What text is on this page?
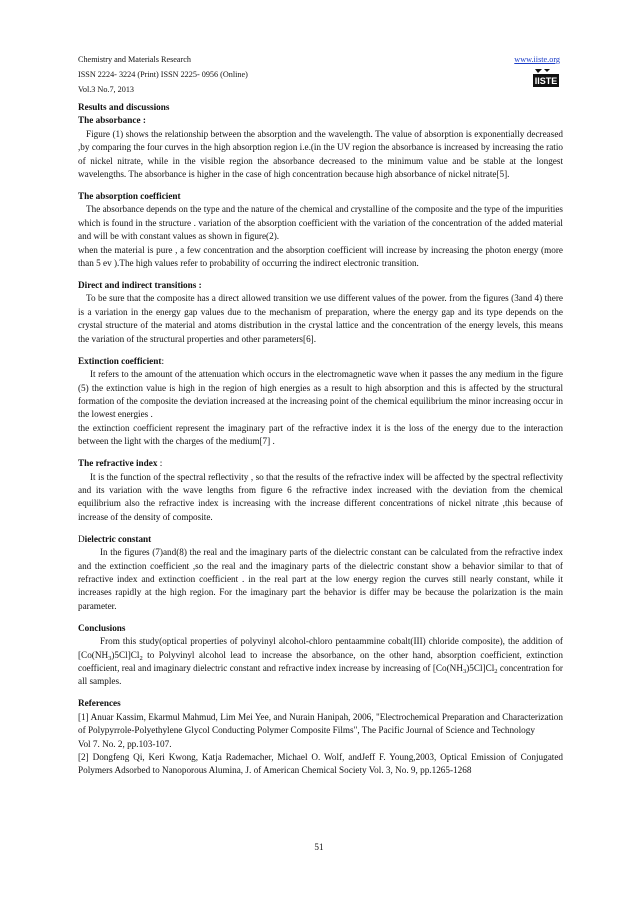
Chemistry and Materials Research
ISSN 2224- 3224 (Print) ISSN 2225- 0956 (Online)
Vol.3 No.7, 2013
www.iiste.org
IISTE
Results and discussions
The absorbance :

Figure (1) shows the relationship between the absorption and the wavelength. The value of absorption is exponentially decreased ,by comparing the four curves in the high absorption region i.e.(in the UV region the absorbance is increased by increasing the ratio of nickel nitrate, while in the visible region the absorbance decreased to the minimum value and be stable at the longest wavelengths. The absorbance is higher in the case of high concentration because high absorbance of nickel nitrate[5].

The absorption coefficient

The absorbance depends on the type and the nature of the chemical and crystalline of the composite and the type of the impurities which is found in the structure . variation of the absorption coefficient with the variation of the concentration of the added material and will be with constant values as shown in figure(2).

when the material is pure , a few concentration and the absorption coefficient will increase by increasing the photon energy (more than 5 ev ).The high values refer to probability of occurring the indirect electronic transition.

Direct and indirect transitions :

To be sure that the composite has a direct allowed transition we use different values of the power. from the figures (3and 4) there is a variation in the energy gap values due to the mechanism of preparation, where the energy gap and its type depends on the crystal structure of the material and atoms distribution in the crystal lattice and the concentration of the energy levels, this means the variation of the structural properties and other parameters[6].

Extinction coefficient:

It refers to the amount of the attenuation which occurs in the electromagnetic wave when it passes the any medium in the figure (5) the extinction value is high in the region of high energies as a result to high absorption and this is affected by the structural formation of the composite the deviation increased at the increasing point of the chemical equilibrium the minor increasing occur in the lowest energies .

the extinction coefficient represent the imaginary part of the refractive index it is the loss of the energy due to the interaction between the light with the charges of the medium[7] .

The refractive index :

It is the function of the spectral reflectivity , so that the results of the refractive index will be affected by the spectral reflectivity and its variation with the wave lengths from figure 6 the refractive index increased with the deviation from the chemical equilibrium also the refractive index is increasing with the increase different concentrations of nickel nitrate ,this because of increase of the density of composite.

Dielectric constant

In the figures (7)and(8) the real and the imaginary parts of the dielectric constant can be calculated from the refractive index and the extinction coefficient ,so the real and the imaginary parts of the dielectric constant show a behavior similar to that of refractive index and extinction coefficient . in the real part at the low energy region the curves still nearly constant, while it increases rapidly at the high region. For the imaginary part the behavior is differ may be because the polarization is the main parameter.

Conclusions

From this study(optical properties of polyvinyl alcohol-chloro pentaammine cobalt(III) chloride composite), the addition of $[Co(NH_3)5Cl]Cl_2$ to Polyvinyl alcohol lead to increase the absorbance, on the other hand, absorption coefficient, extinction coefficient, real and imaginary dielectric constant and refractive index increase by increasing of $[Co(NH_3)5Cl]Cl_2$ concentration for all samples.

References

[1] Anuar Kassim, Ekarmul Mahmud, Lim Mei Yee, and Nurain Hanipah, 2006, "Electrochemical Preparation and Characterization of Polypyrrole-Polyethylene Glycol Conducting Polymer Composite Films", The Pacific Journal of Science and Technology

Vol 7. No. 2, pp.103-107.

[2] Dongfeng Qi, Keri Kwong, Katja Rademacher, Michael O. Wolf, andJeff F. Young,2003, Optical Emission of Conjugated Polymers Adsorbed to Nanoporous Alumina, J. of American Chemical Society Vol. 3, No. 9, pp.1265-1268

51
